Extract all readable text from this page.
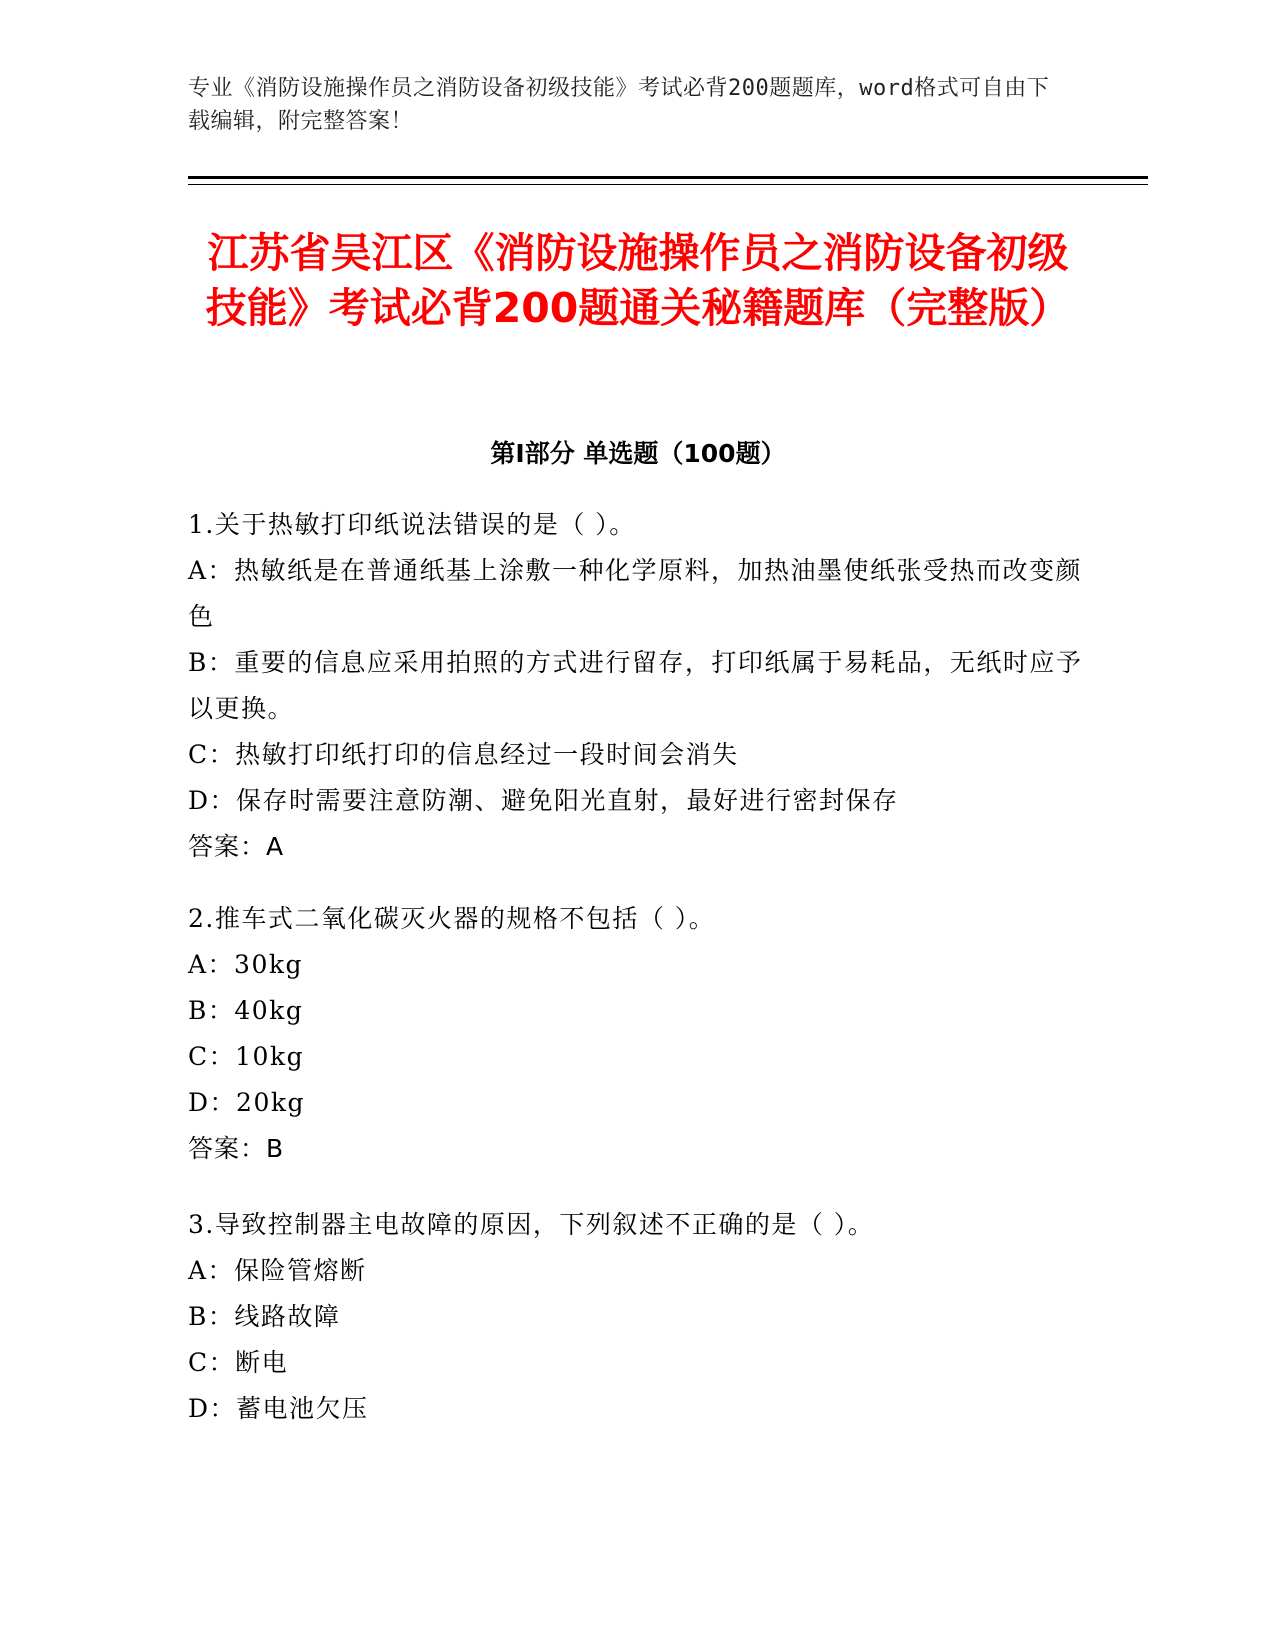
专业《消防设施操作员之消防设备初级技能》考试必背200题题库，word格式可自由下载编辑，附完整答案！
江苏省吴江区《消防设施操作员之消防设备初级技能》考试必背200题通关秘籍题库（完整版）
第Ⅰ部分 单选题（100题）
1.关于热敏打印纸说法错误的是（ ）。
A：热敏纸是在普通纸基上涂敷一种化学原料，加热油墨使纸张受热而改变颜色
B：重要的信息应采用拍照的方式进行留存，打印纸属于易耗品，无纸时应予以更换。
C：热敏打印纸打印的信息经过一段时间会消失
D：保存时需要注意防潮、避免阳光直射，最好进行密封保存
答案：A
2.推车式二氧化碳灭火器的规格不包括（ ）。
A：30kg
B：40kg
C：10kg
D：20kg
答案：B
3.导致控制器主电故障的原因，下列叙述不正确的是（ ）。
A：保险管熔断
B：线路故障
C：断电
D：蓄电池欠压
